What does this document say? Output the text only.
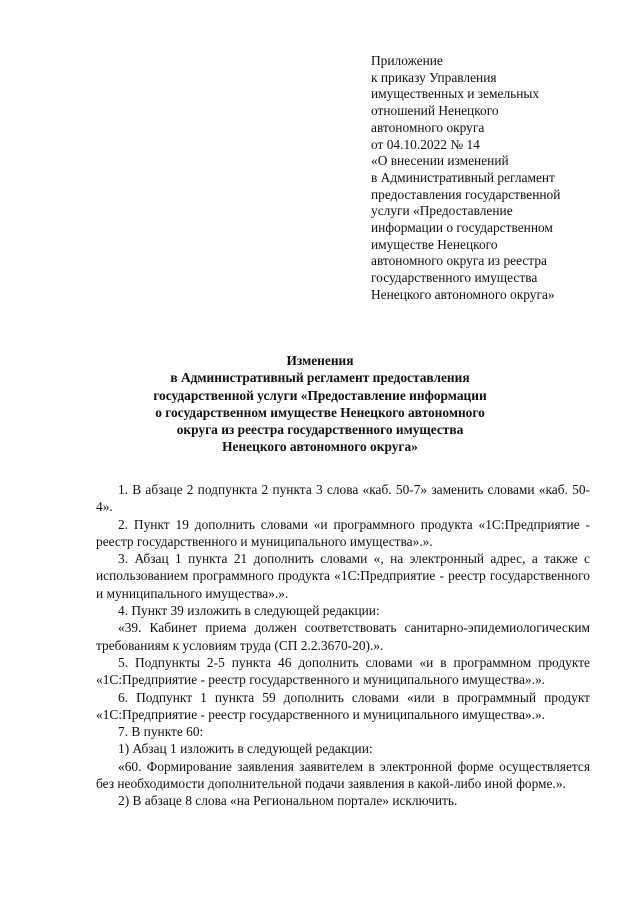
Приложение
к приказу Управления
имущественных и земельных
отношений Ненецкого
автономного округа
от 04.10.2022 № 14
«О внесении изменений
в Административный регламент
предоставления государственной
услуги «Предоставление
информации о государственном
имуществе Ненецкого
автономного округа из реестра
государственного имущества
Ненецкого автономного округа»
Изменения
в Административный регламент предоставления
государственной услуги «Предоставление информации
о государственном имуществе Ненецкого автономного
округа из реестра государственного имущества
Ненецкого автономного округа»

1. В абзаце 2 подпункта 2 пункта 3 слова «каб. 50-7» заменить словами «каб. 50-4».

2. Пункт 19 дополнить словами «и программного продукта «1С:Предприятие - реестр государственного и муниципального имущества».».

3. Абзац 1 пункта 21 дополнить словами «, на электронный адрес, а также с использованием программного продукта «1С:Предприятие - реестр государственного и муниципального имущества».».

4. Пункт 39 изложить в следующей редакции:

«39. Кабинет приема должен соответствовать санитарно-эпидемиологическим требованиям к условиям труда (СП 2.2.3670-20).».

5. Подпункты 2-5 пункта 46 дополнить словами «и в программном продукте «1С:Предприятие - реестр государственного и муниципального имущества».».

6. Подпункт 1 пункта 59 дополнить словами «или в программный продукт «1С:Предприятие - реестр государственного и муниципального имущества».».

7. В пункте 60:

1) Абзац 1 изложить в следующей редакции:

«60. Формирование заявления заявителем в электронной форме осуществляется без необходимости дополнительной подачи заявления в какой-либо иной форме.».

2) В абзаце 8 слова «на Региональном портале» исключить.
